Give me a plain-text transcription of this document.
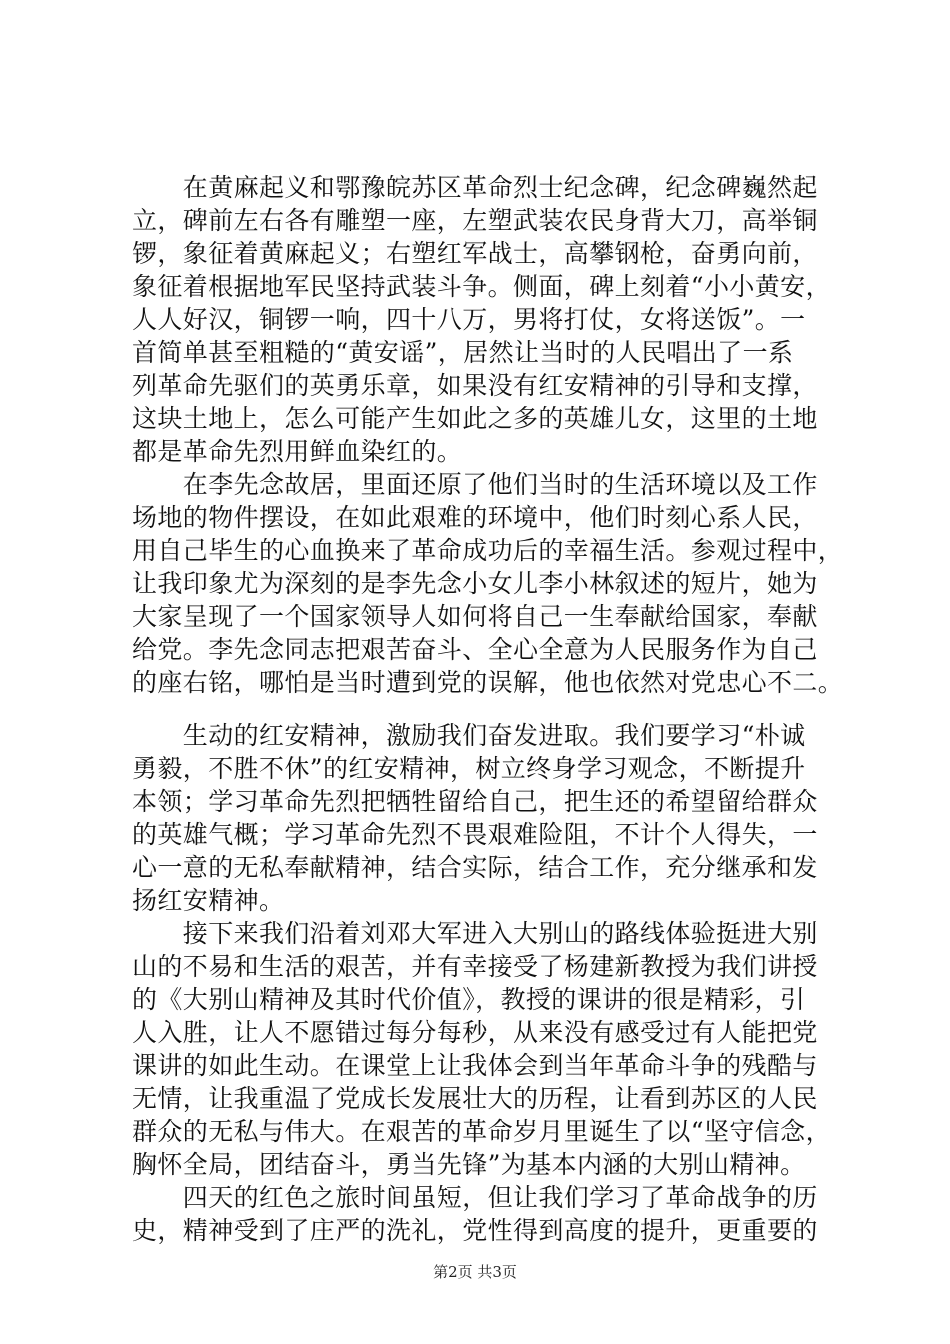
　　在黄麻起义和鄂豫皖苏区革命烈士纪念碑，纪念碑巍然起
立，碑前左右各有雕塑一座，左塑武装农民身背大刀，高举铜
锣，象征着黄麻起义；右塑红军战士，高攀钢枪，奋勇向前，
象征着根据地军民坚持武装斗争。侧面，碑上刻着“小小黄安，
人人好汉，铜锣一响，四十八万，男将打仗，女将送饭”。一
首简单甚至粗糙的“黄安谣”，居然让当时的人民唱出了一系
列革命先驱们的英勇乐章，如果没有红安精神的引导和支撑，
这块土地上，怎么可能产生如此之多的英雄儿女，这里的土地
都是革命先烈用鲜血染红的。
　　在李先念故居，里面还原了他们当时的生活环境以及工作
场地的物件摆设，在如此艰难的环境中，他们时刻心系人民，
用自己毕生的心血换来了革命成功后的幸福生活。参观过程中，
让我印象尤为深刻的是李先念小女儿李小林叙述的短片，她为
大家呈现了一个国家领导人如何将自己一生奉献给国家，奉献
给党。李先念同志把艰苦奋斗、全心全意为人民服务作为自己
的座右铭，哪怕是当时遭到党的误解，他也依然对党忠心不二。
　　生动的红安精神，激励我们奋发进取。我们要学习“朴诚
勇毅，不胜不休”的红安精神，树立终身学习观念，不断提升
本领；学习革命先烈把牺牲留给自己，把生还的希望留给群众
的英雄气概；学习革命先烈不畏艰难险阻，不计个人得失，一
心一意的无私奉献精神，结合实际，结合工作，充分继承和发
扬红安精神。
　　接下来我们沿着刘邓大军进入大别山的路线体验挺进大别
山的不易和生活的艰苦，并有幸接受了杨建新教授为我们讲授
的《大别山精神及其时代价值》，教授的课讲的很是精彩，引
人入胜，让人不愿错过每分每秒，从来没有感受过有人能把党
课讲的如此生动。在课堂上让我体会到当年革命斗争的残酷与
无情，让我重温了党成长发展壮大的历程，让看到苏区的人民
群众的无私与伟大。在艰苦的革命岁月里诞生了以“坚守信念，
胸怀全局，团结奋斗，勇当先锋”为基本内涵的大别山精神。
　　四天的红色之旅时间虽短，但让我们学习了革命战争的历
史，精神受到了庄严的洗礼，党性得到高度的提升，更重要的
第2页 共3页
